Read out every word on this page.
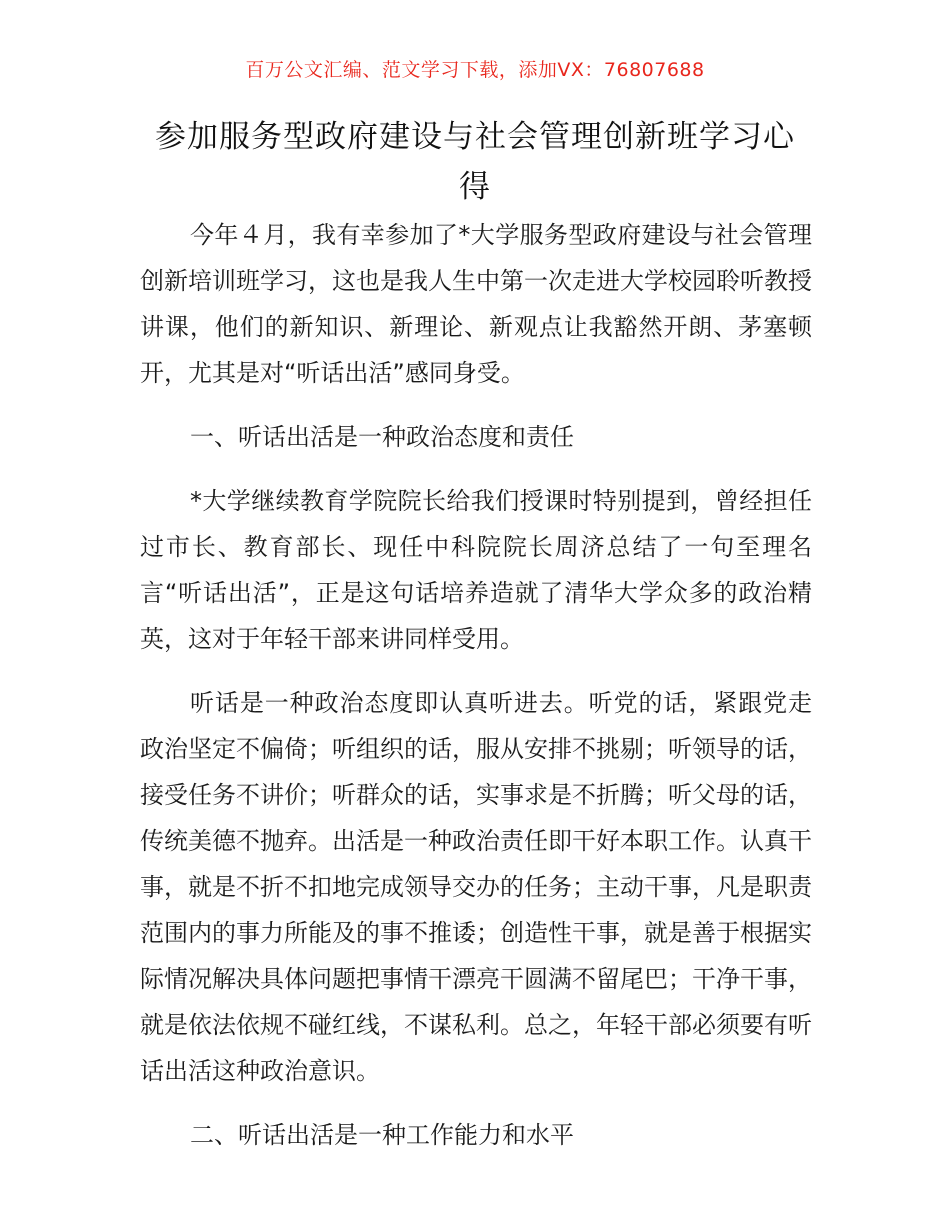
百万公文汇编、范文学习下载，添加VX：76807688
参加服务型政府建设与社会管理创新班学习心得

今年４月，我有幸参加了*大学服务型政府建设与社会管理创新培训班学习，这也是我人生中第一次走进大学校园聆听教授讲课，他们的新知识、新理论、新观点让我豁然开朗、茅塞顿开，尤其是对“听话出活”感同身受。

一、听话出活是一种政治态度和责任

*大学继续教育学院院长给我们授课时特别提到，曾经担任过市长、教育部长、现任中科院院长周济总结了一句至理名言“听话出活”，正是这句话培养造就了清华大学众多的政治精英，这对于年轻干部来讲同样受用。

听话是一种政治态度即认真听进去。听党的话，紧跟党走政治坚定不偏倚；听组织的话，服从安排不挑剔；听领导的话，接受任务不讲价；听群众的话，实事求是不折腾；听父母的话，传统美德不抛弃。出活是一种政治责任即干好本职工作。认真干事，就是不折不扣地完成领导交办的任务；主动干事，凡是职责范围内的事力所能及的事不推诿；创造性干事，就是善于根据实际情况解决具体问题把事情干漂亮干圆满不留尾巴；干净干事，就是依法依规不碰红线，不谋私利。总之，年轻干部必须要有听话出活这种政治意识。

二、听话出活是一种工作能力和水平
